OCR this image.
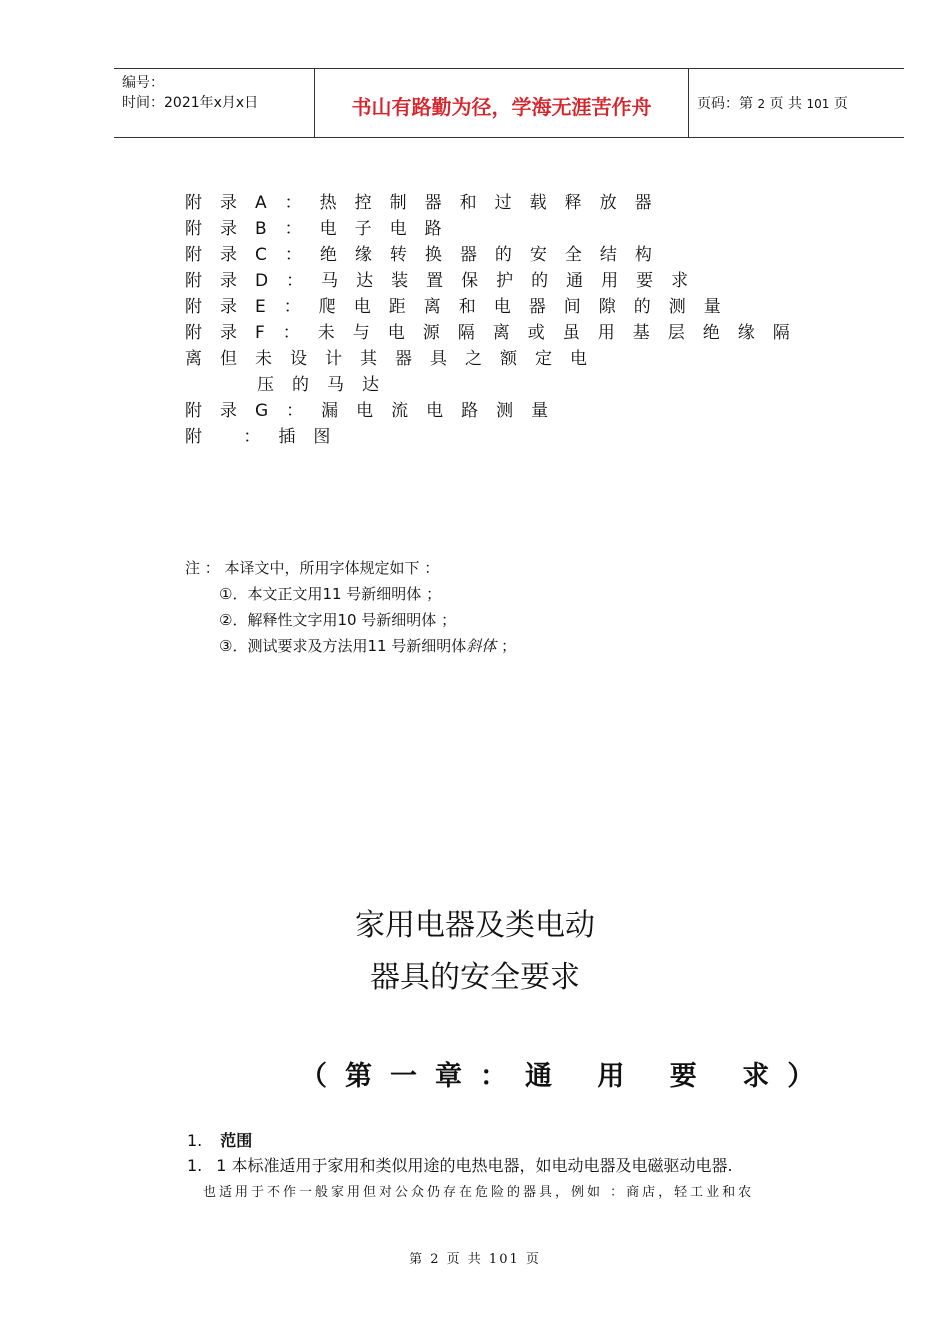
编号：
时间：2021年x月x日	书山有路勤为径，学海无涯苦作舟	页码：第 2 页 共 101 页
附录A：热控制器和过载释放器
附录B：电子电路
附录C：绝缘转换器的安全结构
附录D：马达装置保护的通用要求
附录E：爬电距离和电器间隙的测量
附录F：未与电源隔离或虽用基层绝缘隔
离但未设计其器具之额定电
压的马达
附录G：漏电流电路测量
附 ：插图
注 ： 本译文中，所用字体规定如下 ：
①．本文正文用11 号新细明体 ；
②．解释性文字用10 号新细明体 ；
③．测试要求及方法用11 号新细明体斜体 ；
家用电器及类电动
器具的安全要求
（第一章：通 用 要 求）
1. 范围
1. 1 本标准适用于家用和类似用途的电热电器，如电动电器及电磁驱动电器.
也适用于不作一般家用但对公众仍存在危险的器具，例如 ：商店，轻工业和农
第 2 页 共 101 页
